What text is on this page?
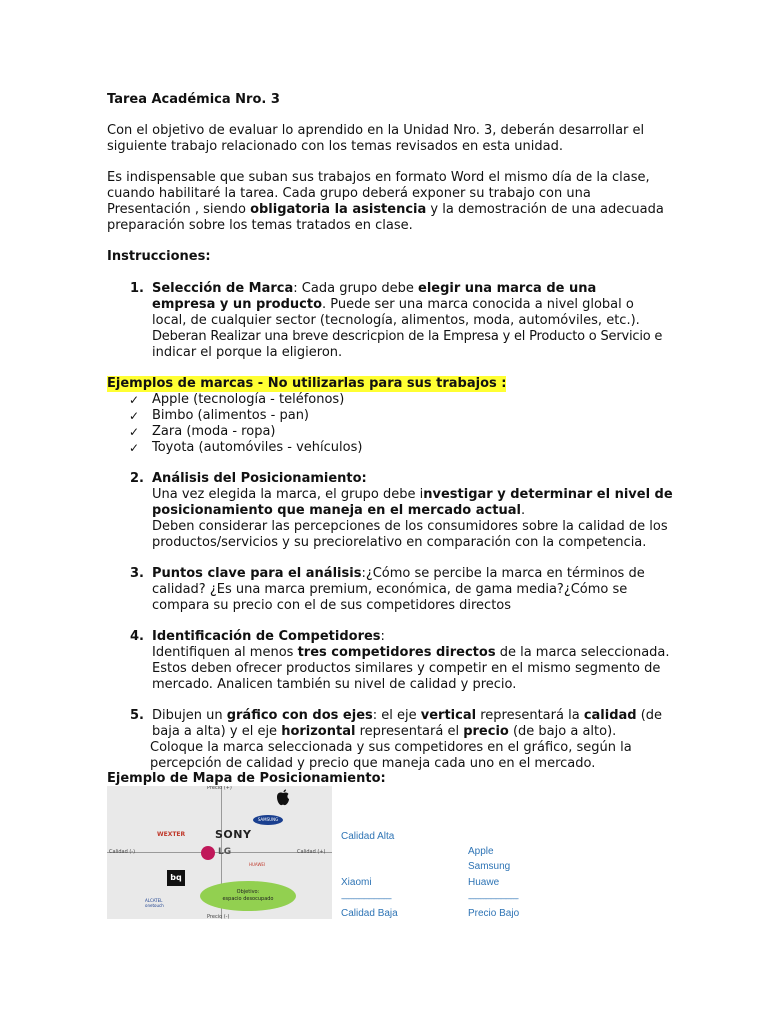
Tarea Académica Nro. 3
Con el objetivo de evaluar lo aprendido en la Unidad Nro. 3, deberán desarrollar el
siguiente trabajo relacionado con los temas revisados en esta unidad.
Es indispensable que suban sus trabajos en formato Word el mismo día de la clase,
cuando habilitaré la tarea. Cada grupo deberá exponer su trabajo con una
Presentación , siendo obligatoria la asistencia y la demostración de una adecuada
preparación sobre los temas tratados en clase.
Instrucciones:
1. Selección de Marca: Cada grupo debe elegir una marca de una
empresa y un producto. Puede ser una marca conocida a nivel global o
local, de cualquier sector (tecnología, alimentos, moda, automóviles, etc.).
Deberan Realizar una breve descricpion de la Empresa y el Producto o Servicio e
indicar el porque la eligieron.
Ejemplos de marcas - No utilizarlas para sus trabajos :
✓ Apple (tecnología - teléfonos)
✓ Bimbo (alimentos - pan)
✓ Zara (moda - ropa)
✓ Toyota (automóviles - vehículos)
2. Análisis del Posicionamiento:
Una vez elegida la marca, el grupo debe investigar y determinar el nivel de
posicionamiento que maneja en el mercado actual.
Deben considerar las percepciones de los consumidores sobre la calidad de los
productos/servicios y su preciorelativo en comparación con la competencia.
3. Puntos clave para el análisis:¿Cómo se percibe la marca en términos de
calidad? ¿Es una marca premium, económica, de gama media?¿Cómo se
compara su precio con el de sus competidores directos
4. Identificación de Competidores:
Identifiquen al menos tres competidores directos de la marca seleccionada.
Estos deben ofrecer productos similares y competir en el mismo segmento de
mercado. Analicen también su nivel de calidad y precio.
5. Dibujen un gráfico con dos ejes: el eje vertical representará la calidad (de
baja a alta) y el eje horizontal representará el precio (de bajo a alto).
Coloque la marca seleccionada y sus competidores en el gráfico, según la
percepción de calidad y precio que maneja cada uno en el mercado.
Ejemplo de Mapa de Posicionamiento:
Precio (+)
Calidad (-)	Calidad (+)
Precio (-)
SAMSUNG
WEXTER	SONY
LG
bq
HUAWEI
ALCATEL onetouch
Objetivo:
espacio desocupado
Calidad Alta
Xiaomi
------------------------------
Calidad Baja
Apple
Samsung
Huawe
------------------------------
Precio Bajo
